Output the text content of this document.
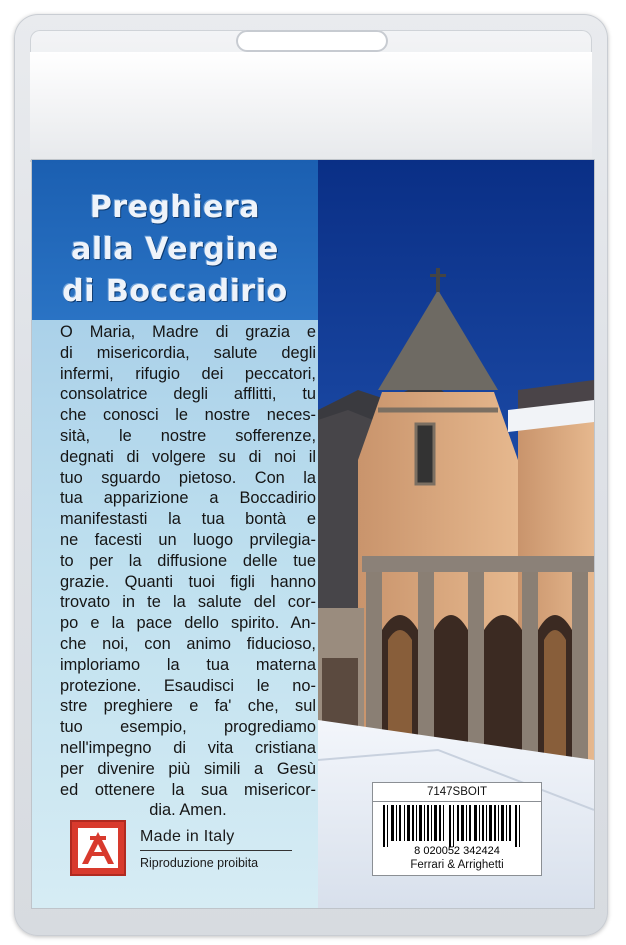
Preghiera
alla Vergine
di Boccadirio

O Maria, Madre di grazia e
di misericordia, salute degli
infermi, rifugio dei peccatori,
consolatrice degli afflitti, tu
che conosci le nostre neces-
sità, le nostre sofferenze,
degnati di volgere su di noi il
tuo sguardo pietoso. Con la
tua apparizione a Boccadirio
manifestasti la tua bontà e
ne facesti un luogo prvilegia-
to per la diffusione delle tue
grazie. Quanti tuoi figli hanno
trovato in te la salute del cor-
po e la pace dello spirito. An-
che noi, con animo fiducioso,
imploriamo la tua materna
protezione. Esaudisci le no-
stre preghiere e fa' che, sul
tuo esempio, progrediamo
nell'impegno di vita cristiana
per divenire più simili a Gesù
ed ottenere la sua misericor-
dia. Amen.

Made in Italy
Riproduzione proibita
7147SBOIT
8 020052 342424
Ferrari & Arrighetti
